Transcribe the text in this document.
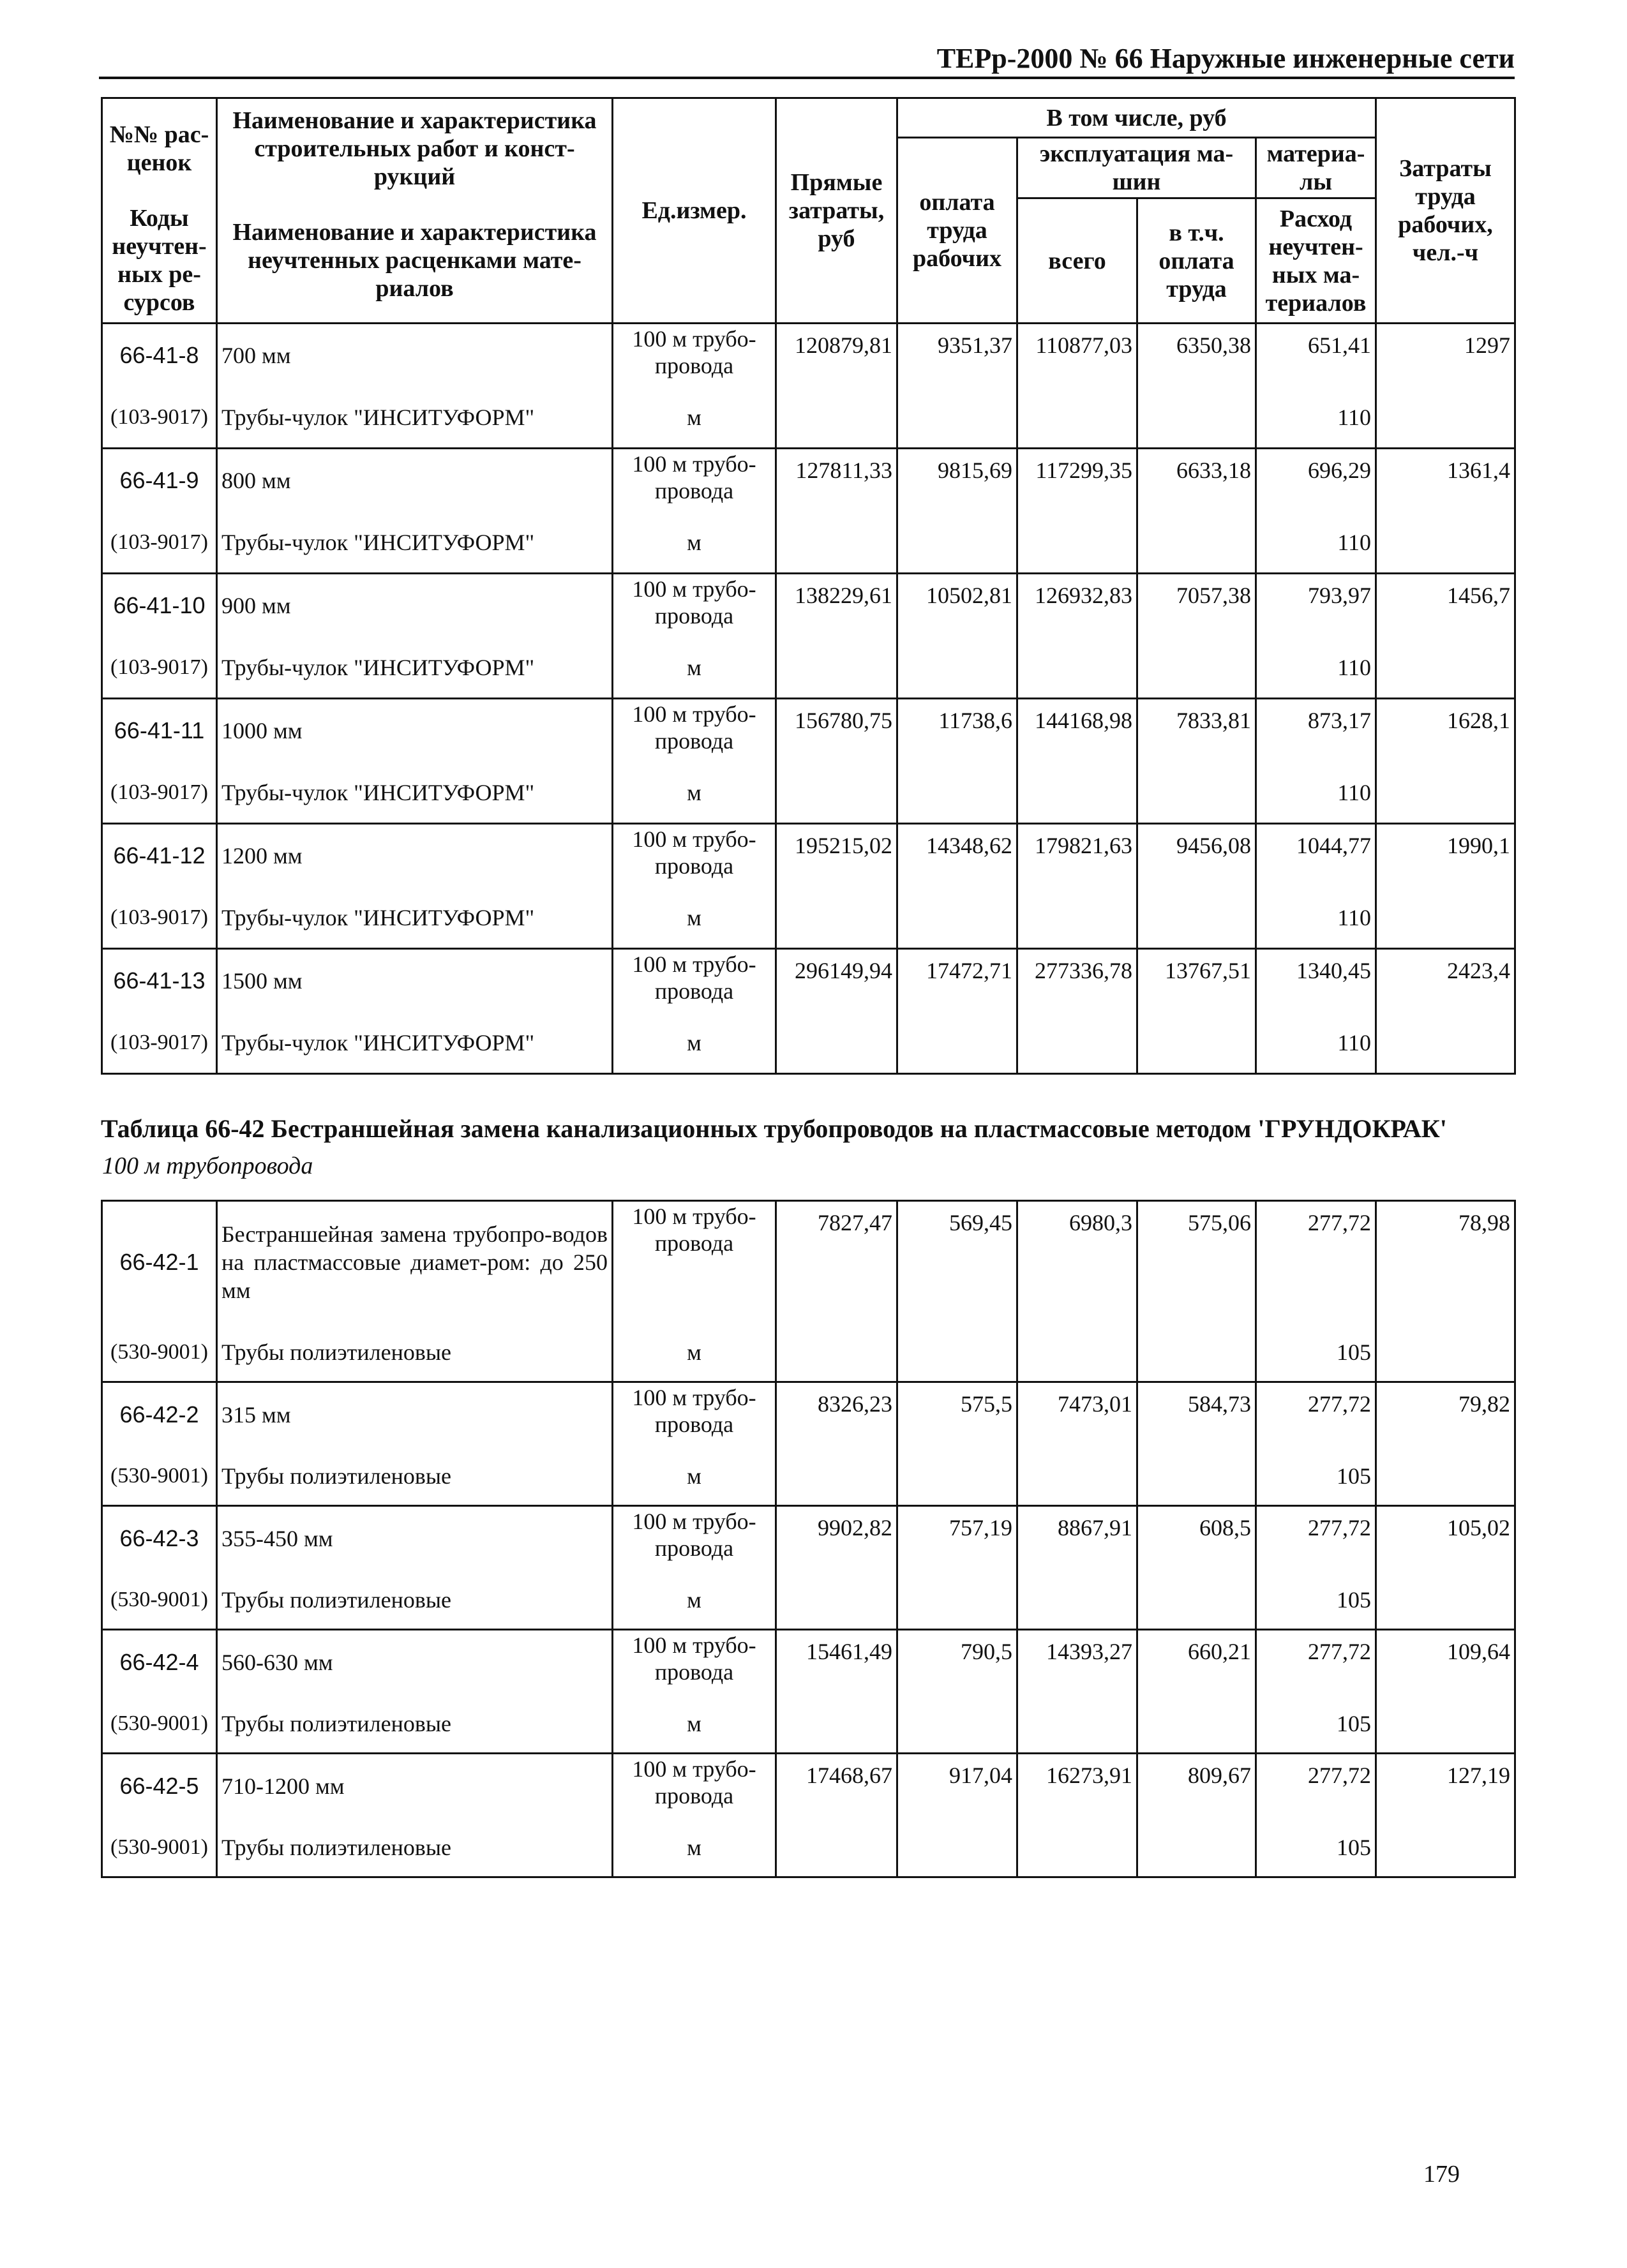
ТЕРр-2000 № 66 Наружные инженерные сети
№№ рас-ценок	Наименование и характеристика строительных работ и конст-рукций	Ед.измер.	Прямые затраты, руб	В том числе, руб				Затраты труда рабочих, чел.-ч
				оплата труда рабочих	эксплуатация ма-шин		материа-лы	

Коды неучтен-ных ре-сурсов	Наименование и характеристика неучтенных расценками мате-риалов				всего	в т.ч. оплата труда	Расход неучтен-ных ма-териалов	

66-41-8	700 мм	100 м трубо-провода	120879,81	9351,37	110877,03	6350,38	651,41	1297
(103-9017)	Трубы-чулок "ИНСИТУФОРМ"	м					110	
66-41-9	800 мм	100 м трубо-провода	127811,33	9815,69	117299,35	6633,18	696,29	1361,4
(103-9017)	Трубы-чулок "ИНСИТУФОРМ"	м					110	
66-41-10	900 мм	100 м трубо-провода	138229,61	10502,81	126932,83	7057,38	793,97	1456,7
(103-9017)	Трубы-чулок "ИНСИТУФОРМ"	м					110	
66-41-11	1000 мм	100 м трубо-провода	156780,75	11738,6	144168,98	7833,81	873,17	1628,1
(103-9017)	Трубы-чулок "ИНСИТУФОРМ"	м					110	
66-41-12	1200 мм	100 м трубо-провода	195215,02	14348,62	179821,63	9456,08	1044,77	1990,1
(103-9017)	Трубы-чулок "ИНСИТУФОРМ"	м					110	
66-41-13	1500 мм	100 м трубо-провода	296149,94	17472,71	277336,78	13767,51	1340,45	2423,4
(103-9017)	Трубы-чулок "ИНСИТУФОРМ"	м					110	
Таблица 66-42 Бестраншейная замена канализационных трубопроводов на пластмассовые методом 'ГРУНДОКРАК'
100 м трубопровода
66-42-1	Бестраншейная замена трубопро-водов на пластмассовые диамет-ром: до 250 мм	100 м трубо-провода	7827,47	569,45	6980,3	575,06	277,72	78,98
(530-9001)	Трубы полиэтиленовые	м					105	
66-42-2	315 мм	100 м трубо-провода	8326,23	575,5	7473,01	584,73	277,72	79,82
(530-9001)	Трубы полиэтиленовые	м					105	
66-42-3	355-450 мм	100 м трубо-провода	9902,82	757,19	8867,91	608,5	277,72	105,02
(530-9001)	Трубы полиэтиленовые	м					105	
66-42-4	560-630 мм	100 м трубо-провода	15461,49	790,5	14393,27	660,21	277,72	109,64
(530-9001)	Трубы полиэтиленовые	м					105	
66-42-5	710-1200 мм	100 м трубо-провода	17468,67	917,04	16273,91	809,67	277,72	127,19
(530-9001)	Трубы полиэтиленовые	м					105	
179
